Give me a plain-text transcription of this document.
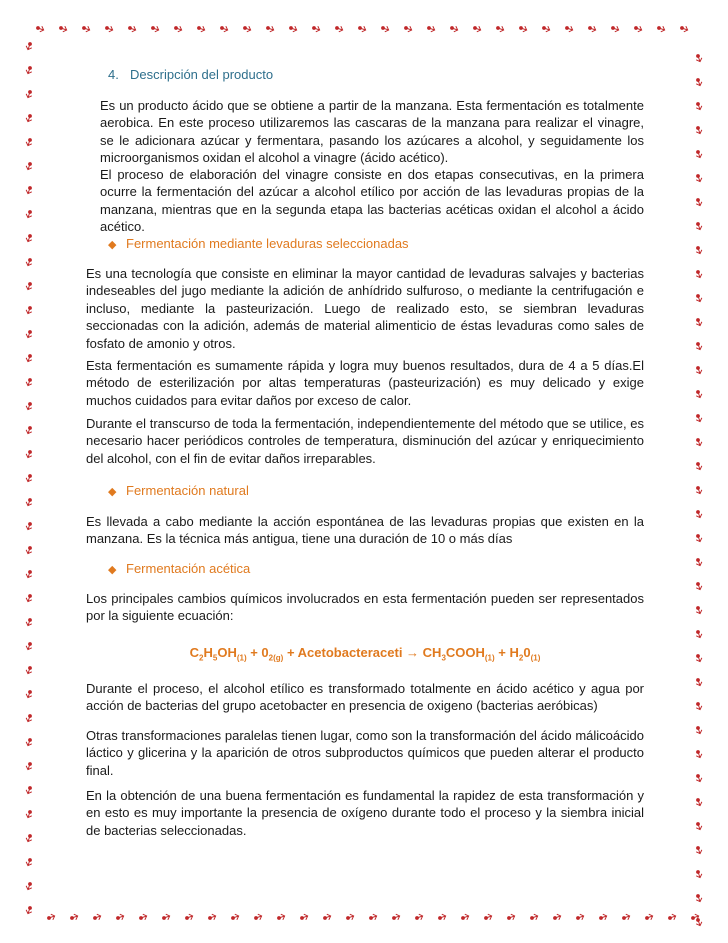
4. Descripción del producto

Es un producto ácido que se obtiene a partir de la manzana. Esta fermentación es totalmente aerobica. En este proceso utilizaremos las cascaras de la manzana para realizar el vinagre, se le adicionara azúcar y fermentara, pasando los azúcares a alcohol, y seguidamente los microorganismos oxidan el alcohol a vinagre (ácido acético).

El proceso de elaboración del vinagre consiste en dos etapas consecutivas, en la primera ocurre la fermentación del azúcar a alcohol etílico por acción de las levaduras propias de la manzana, mientras que en la segunda etapa las bacterias acéticas oxidan el alcohol a ácido acético.

◆ Fermentación mediante levaduras seleccionadas

Es una tecnología que consiste en eliminar la mayor cantidad de levaduras salvajes y bacterias indeseables del jugo mediante la adición de anhídrido sulfuroso, o mediante la centrifugación e incluso, mediante la pasteurización. Luego de realizado esto, se siembran levaduras seccionadas con la adición, además de material alimenticio de éstas levaduras como sales de fosfato de amonio y otros.

Esta fermentación es sumamente rápida y logra muy buenos resultados, dura de 4 a 5 días.El método de esterilización por altas temperaturas (pasteurización) es muy delicado y exige muchos cuidados para evitar daños por exceso de calor.

Durante el transcurso de toda la fermentación, independientemente del método que se utilice, es necesario hacer periódicos controles de temperatura, disminución del azúcar y enriquecimiento del alcohol, con el fin de evitar daños irreparables.

◆ Fermentación natural

Es llevada a cabo mediante la acción espontánea de las levaduras propias que existen en la manzana. Es la técnica más antigua, tiene una duración de 10 o más días

◆ Fermentación acética

Los principales cambios químicos involucrados en esta fermentación pueden ser representados por la siguiente ecuación:

$C_2H_5OH_{(1)} + 0_{2(g)}$ + Acetobacteraceti → $CH_3COOH_{(1)} + H_20_{(1)}$

Durante el proceso, el alcohol etílico es transformado totalmente en ácido acético y agua por acción de bacterias del grupo acetobacter en presencia de oxigeno (bacterias aeróbicas)

Otras transformaciones paralelas tienen lugar, como son la transformación del ácido málicoácido láctico y glicerina y la aparición de otros subproductos químicos que pueden alterar el producto final.

En la obtención de una buena fermentación es fundamental la rapidez de esta transformación y en esto es muy importante la presencia de oxígeno durante todo el proceso y la siembra inicial de bacterias seleccionadas.
